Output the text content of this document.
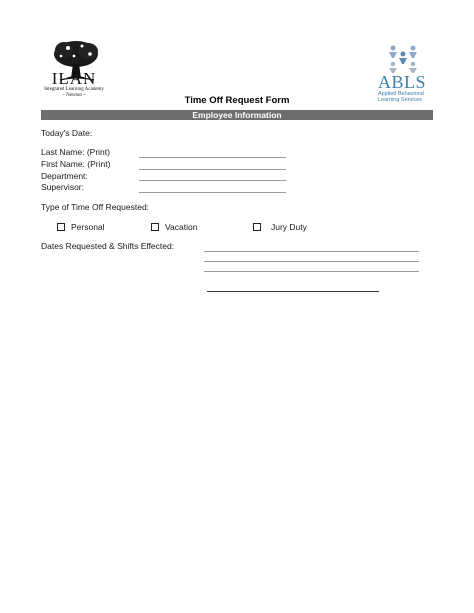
ILAN
Integrated Learning Academy
~ Newton ~
ABLS
Applied Behavioral
Learning Services
Time Off Request Form
Employee Information
Today's Date:
Last Name: (Print)
First Name: (Print)
Department:
Supervisor:
Type of Time Off Requested:
Personal	Vacation	Jury Duty
Dates Requested & Shifts Effected:
